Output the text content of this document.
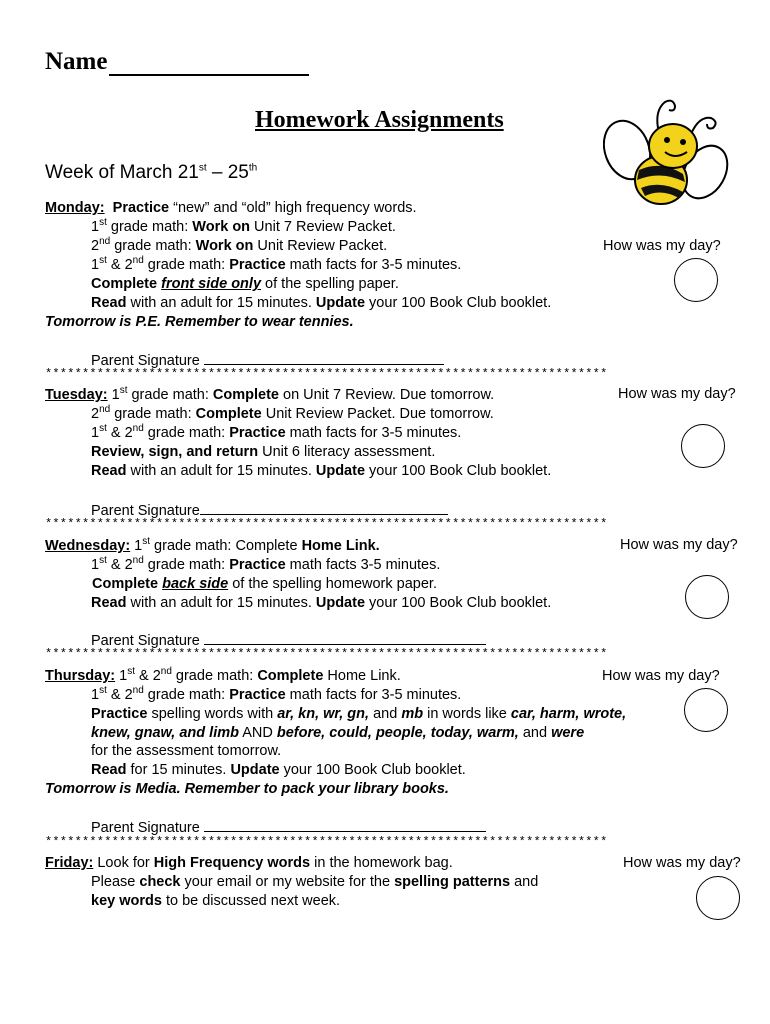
Name
Homework Assignments
Week of March 21st – 25th
Monday: Practice “new” and “old” high frequency words.
1st grade math: Work on Unit 7 Review Packet.
2nd grade math: Work on Unit Review Packet.	How was my day?
1st & 2nd grade math: Practice math facts for 3-5 minutes.
Complete front side only of the spelling paper.
Read with an adult for 15 minutes. Update your 100 Book Club booklet.
Tomorrow is P.E. Remember to wear tennies.
Parent Signature
****************************************************************************
Tuesday: 1st grade math: Complete on Unit 7 Review. Due tomorrow.	How was my day?
2nd grade math: Complete Unit Review Packet. Due tomorrow.
1st & 2nd grade math: Practice math facts for 3-5 minutes.
Review, sign, and return Unit 6 literacy assessment.
Read with an adult for 15 minutes. Update your 100 Book Club booklet.
Parent Signature
****************************************************************************
Wednesday: 1st grade math: Complete Home Link.	How was my day?
1st & 2nd grade math: Practice math facts 3-5 minutes.
Complete back side of the spelling homework paper.
Read with an adult for 15 minutes. Update your 100 Book Club booklet.
Parent Signature
****************************************************************************
Thursday: 1st & 2nd grade math: Complete Home Link.	How was my day?
1st & 2nd grade math: Practice math facts for 3-5 minutes.
Practice spelling words with ar, kn, wr, gn, and mb in words like car, harm, wrote,
knew, gnaw, and limb AND before, could, people, today, warm, and were
for the assessment tomorrow.
Read for 15 minutes. Update your 100 Book Club booklet.
Tomorrow is Media. Remember to pack your library books.
Parent Signature
****************************************************************************
Friday: Look for High Frequency words in the homework bag.	How was my day?
Please check your email or my website for the spelling patterns and
key words to be discussed next week.
